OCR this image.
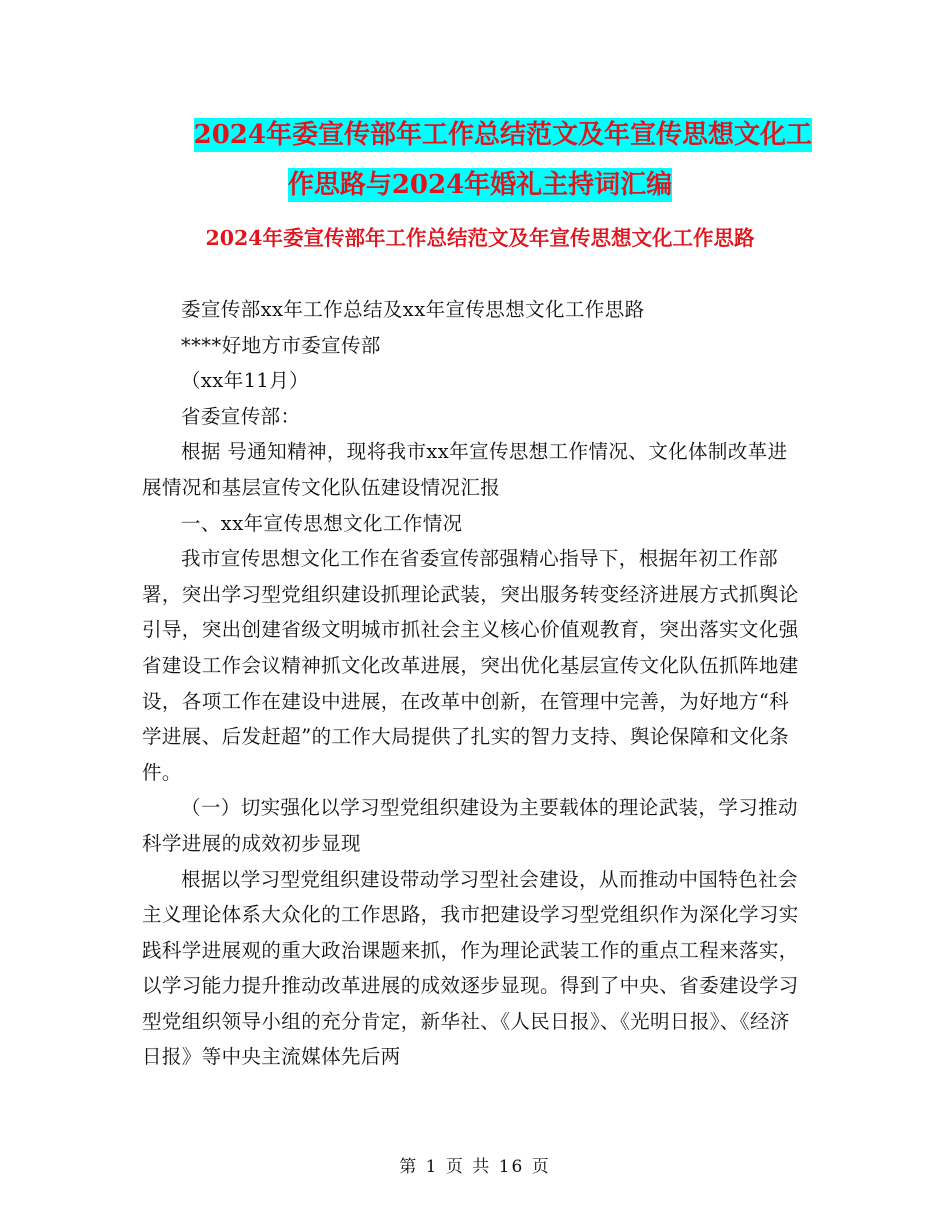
2024年委宣传部年工作总结范文及年宣传思想文化工
作思路与2024年婚礼主持词汇编
2024年委宣传部年工作总结范文及年宣传思想文化工作思路

委宣传部xx年工作总结及xx年宣传思想文化工作思路

****好地方市委宣传部

（xx年11月）

省委宣传部：

根据 号通知精神，现将我市xx年宣传思想工作情况、文化体制改革进展情况和基层宣传文化队伍建设情况汇报

一、xx年宣传思想文化工作情况

我市宣传思想文化工作在省委宣传部强精心指导下，根据年初工作部署，突出学习型党组织建设抓理论武装，突出服务转变经济进展方式抓舆论引导，突出创建省级文明城市抓社会主义核心价值观教育，突出落实文化强省建设工作会议精神抓文化改革进展，突出优化基层宣传文化队伍抓阵地建设，各项工作在建设中进展，在改革中创新，在管理中完善，为好地方“科学进展、后发赶超”的工作大局提供了扎实的智力支持、舆论保障和文化条件。

（一）切实强化以学习型党组织建设为主要载体的理论武装，学习推动科学进展的成效初步显现

根据以学习型党组织建设带动学习型社会建设，从而推动中国特色社会主义理论体系大众化的工作思路，我市把建设学习型党组织作为深化学习实践科学进展观的重大政治课题来抓，作为理论武装工作的重点工程来落实，以学习能力提升推动改革进展的成效逐步显现。得到了中央、省委建设学习型党组织领导小组的充分肯定，新华社、《人民日报》、《光明日报》、《经济日报》等中央主流媒体先后两

第 1 页 共 16 页
